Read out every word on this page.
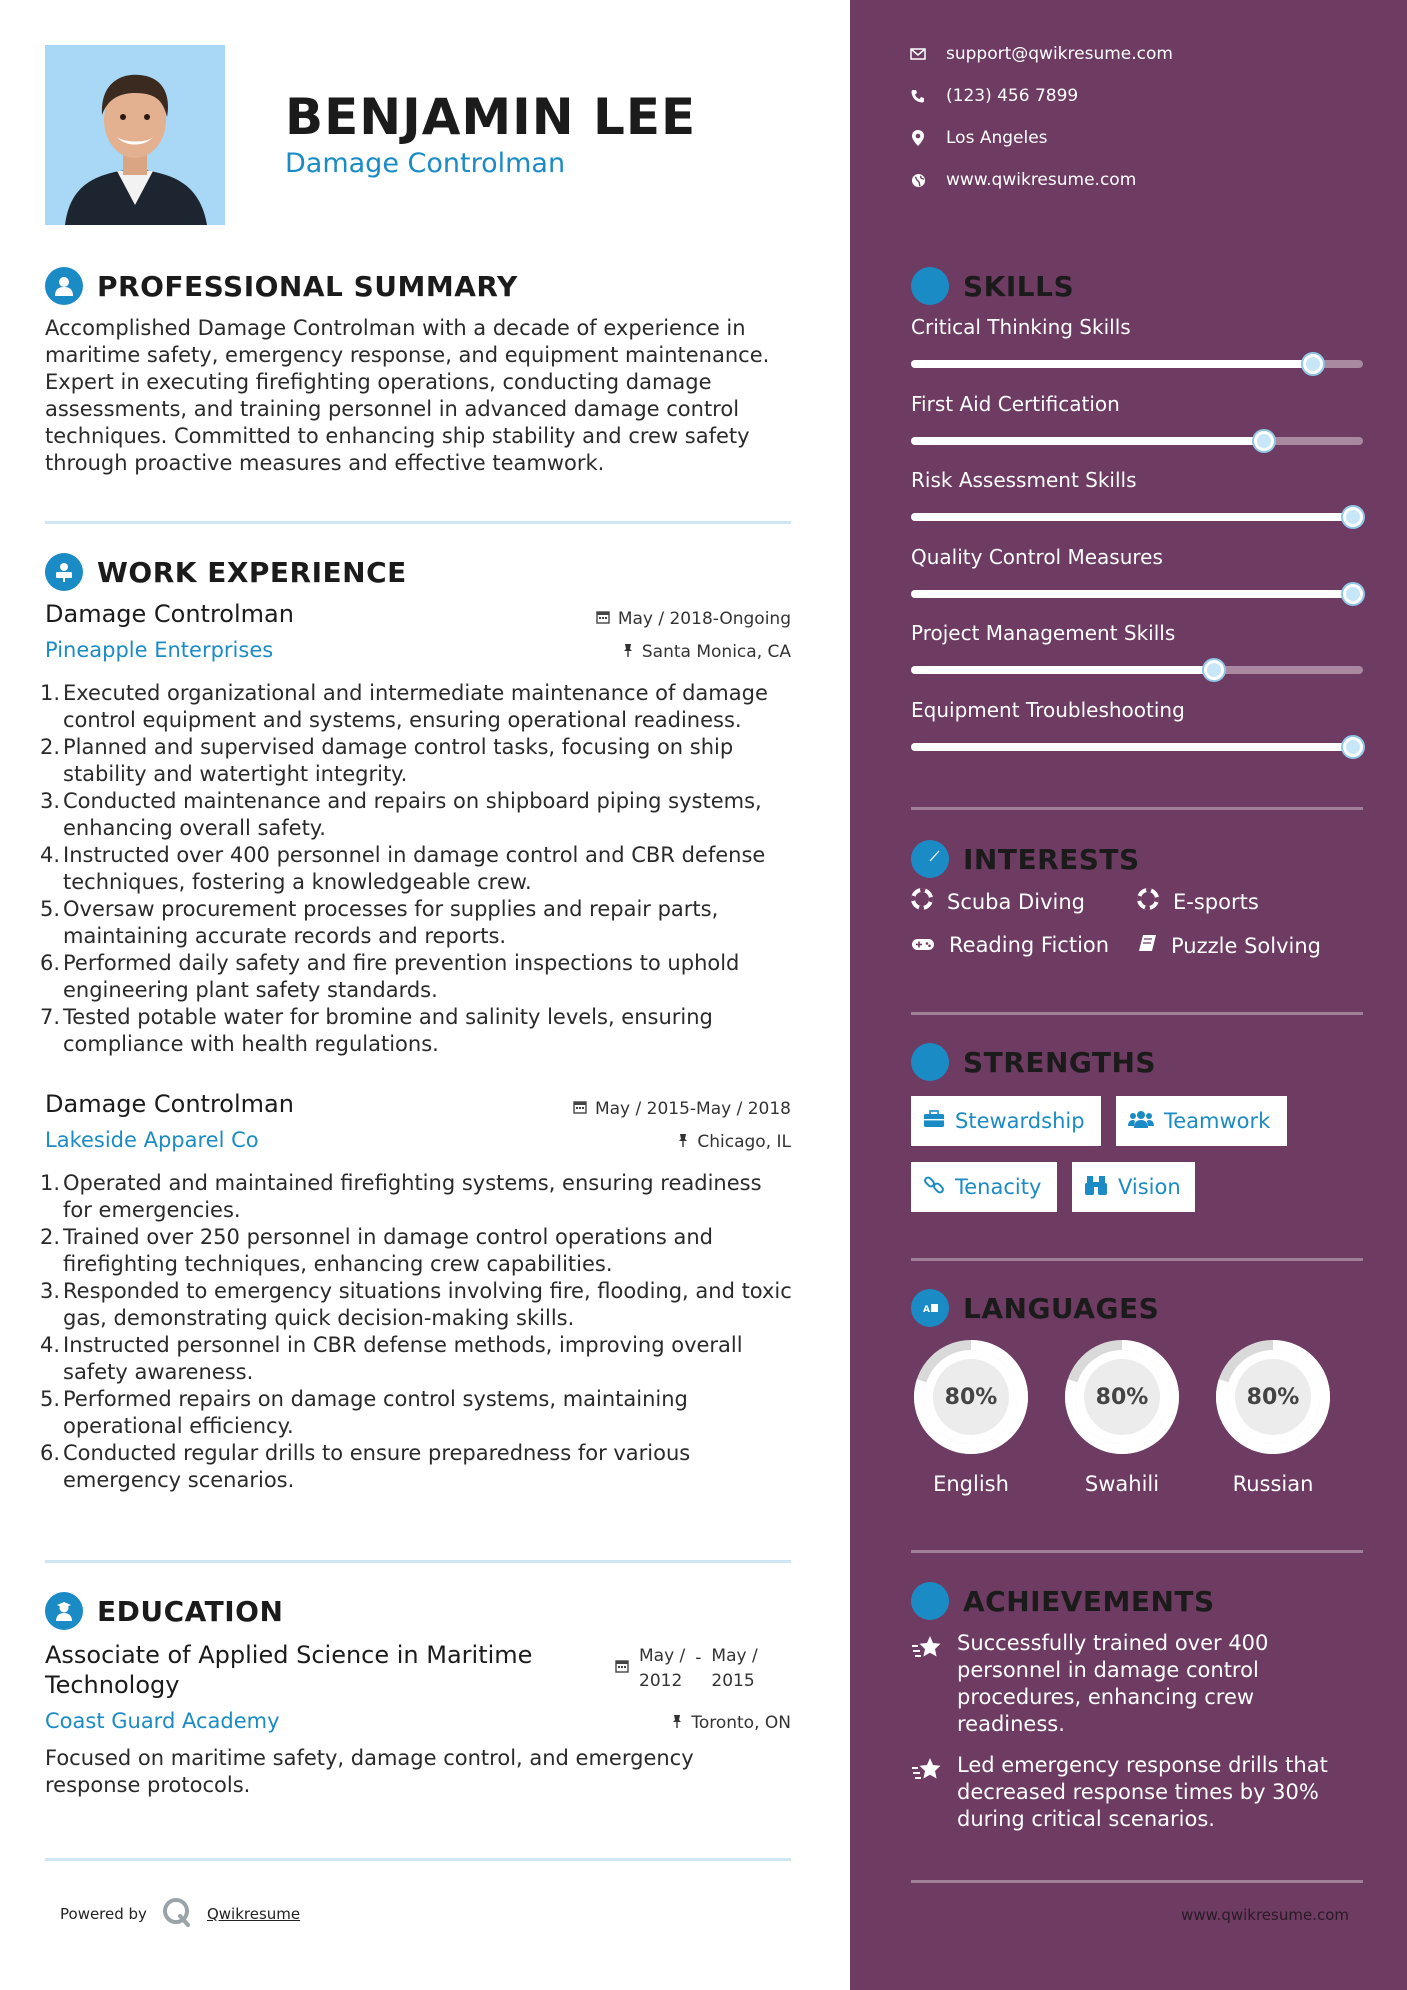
BENJAMIN LEE
Damage Controlman
PROFESSIONAL SUMMARY
Accomplished Damage Controlman with a decade of experience in
maritime safety, emergency response, and equipment maintenance.
Expert in executing firefighting operations, conducting damage
assessments, and training personnel in advanced damage control
techniques. Committed to enhancing ship stability and crew safety
through proactive measures and effective teamwork.
WORK EXPERIENCE
Damage Controlman	May / 2018-Ongoing
Pineapple Enterprises	Santa Monica, CA
1. Executed organizational and intermediate maintenance of damage
control equipment and systems, ensuring operational readiness.
2. Planned and supervised damage control tasks, focusing on ship
stability and watertight integrity.
3. Conducted maintenance and repairs on shipboard piping systems,
enhancing overall safety.
4. Instructed over 400 personnel in damage control and CBR defense
techniques, fostering a knowledgeable crew.
5. Oversaw procurement processes for supplies and repair parts,
maintaining accurate records and reports.
6. Performed daily safety and fire prevention inspections to uphold
engineering plant safety standards.
7. Tested potable water for bromine and salinity levels, ensuring
compliance with health regulations.
Damage Controlman	May / 2015-May / 2018
Lakeside Apparel Co	Chicago, IL
1. Operated and maintained firefighting systems, ensuring readiness
for emergencies.
2. Trained over 250 personnel in damage control operations and
firefighting techniques, enhancing crew capabilities.
3. Responded to emergency situations involving fire, flooding, and toxic
gas, demonstrating quick decision-making skills.
4. Instructed personnel in CBR defense methods, improving overall
safety awareness.
5. Performed repairs on damage control systems, maintaining
operational efficiency.
6. Conducted regular drills to ensure preparedness for various
emergency scenarios.
EDUCATION
Associate of Applied Science in Maritime
Technology
May /
2012
- May /
2015
Coast Guard Academy	Toronto, ON
Focused on maritime safety, damage control, and emergency
response protocols.
Powered by	Qwikresume
support@qwikresume.com
(123) 456 7899
Los Angeles
www.qwikresume.com
SKILLS
Critical Thinking Skills
First Aid Certification
Risk Assessment Skills
Quality Control Measures
Project Management Skills
Equipment Troubleshooting
INTERESTS
Scuba Diving	E-sports
Reading Fiction	Puzzle Solving
STRENGTHS
Stewardship	Teamwork
Tenacity	Vision
A LANGUAGES
80%
English
80%
Swahili
80%
Russian
ACHIEVEMENTS
Successfully trained over 400
personnel in damage control
procedures, enhancing crew
readiness.
Led emergency response drills that
decreased response times by 30%
during critical scenarios.
www.qwikresume.com
